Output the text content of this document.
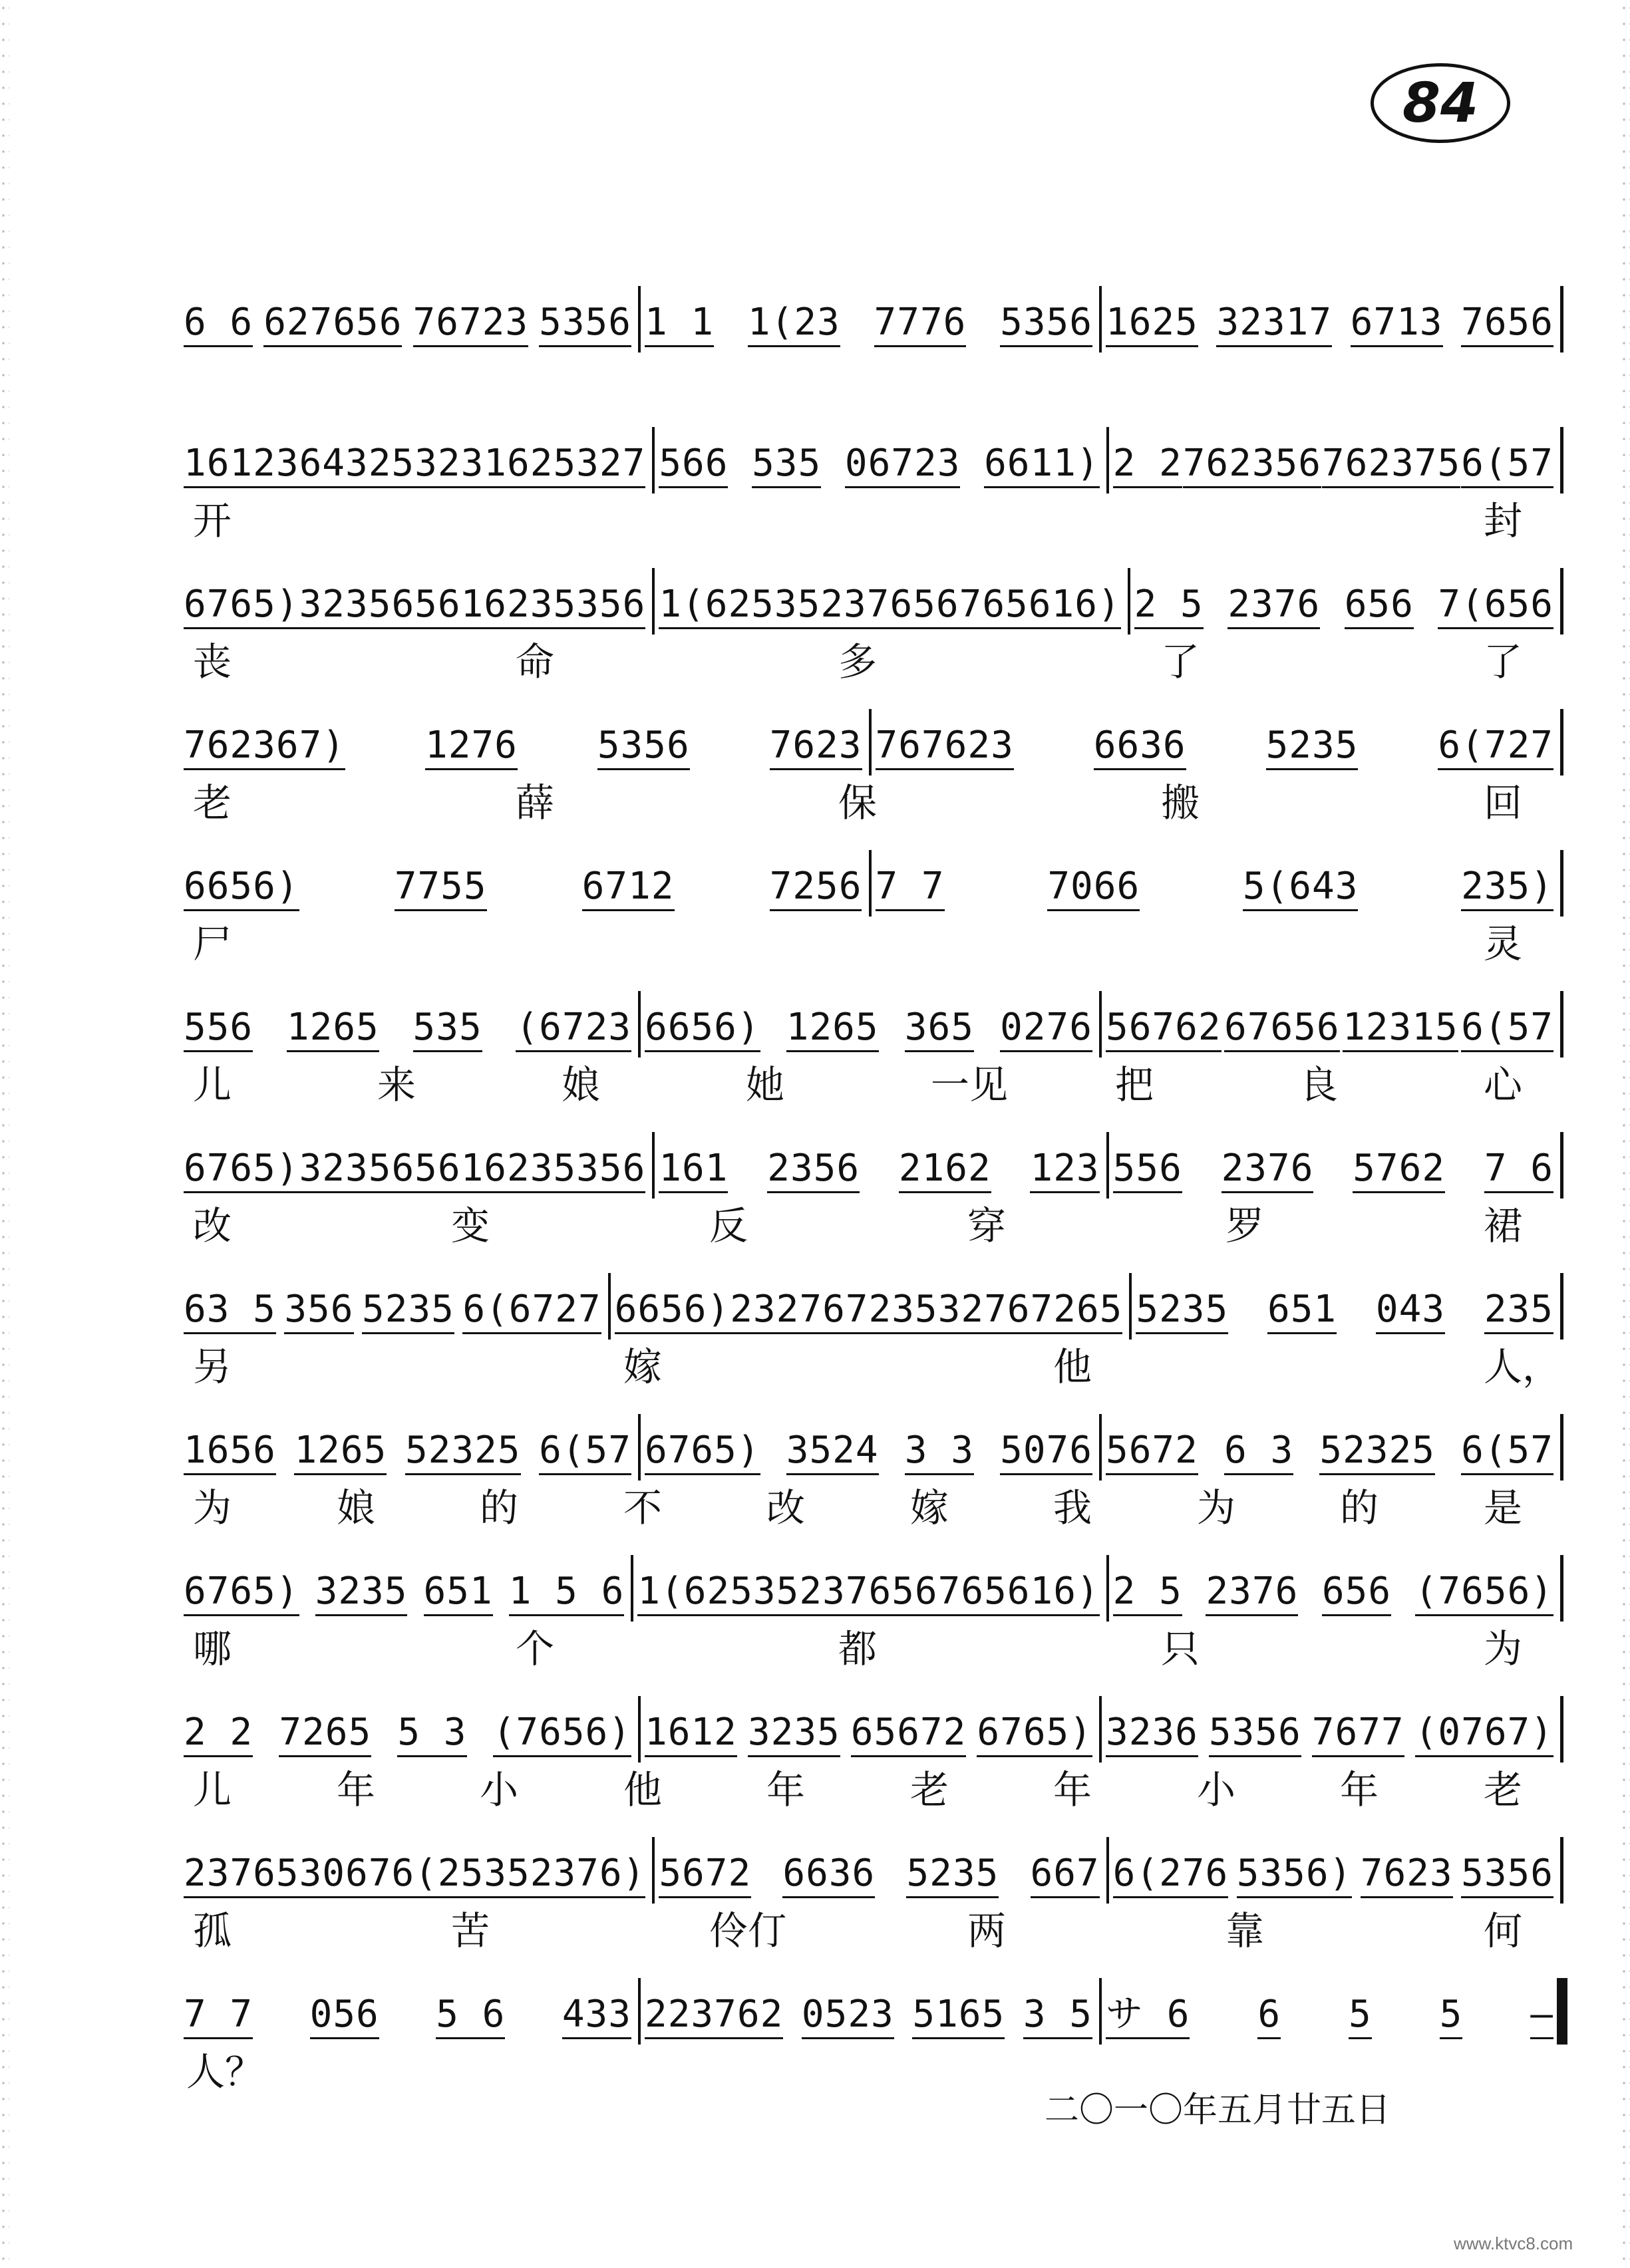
84
6 6 627656 76723 5356 1 1 1(23 7776 5356 1625 32317 6713 7656
1612 3643 25323 1625327 566 535 06723 6611) 2 2 762356 762375 6(57
开	封
6765) 3235 6561623 5356 1(625 352376 5676 5616) 2 5 2376 656 7(656
丧	命	多	了	了
762367) 1276 5356 7623 767623 6636 5235 6(727
老	薛	保	搬	回
6656)	7755	6712	7256 7 7	7066	5(643	235)
尸	灵
556 1265 535 (6723 6656) 1265 365 0276 56762 67656 12315 6(57
儿	来	娘	她	一见	把	良	心
6765) 3235 6561623 5356 161 2356 2162 123 556 2376 5762 7 6
改	变	反	穿	罗	裙
63 5 356 5235 6(6727 6656) 2327672 3532 767265 5235 651 043 235
另	嫁	他	人，
1656 1265 52325 6(57 6765) 3524 3 3 5076 5672 6 3 52325 6(57
为	娘	的	不	改	嫁	我	为	的	是
6765) 3235 651 1 5 6 1(625 352376 5676 5616) 2 5 2376 656 (7656)
哪	个	都	只	为
2 2 7265 5 3 (7656) 1612 3235 65672 6765) 3236 5356 7677 (0767)
儿	年	小	他	年	老	年	小	年	老
2376 5306 76(25 352376) 5672 6636 5235 667 6(276 5356) 7623 5356
孤	苦	伶仃	两	靠	何
7 7 056 5 6 433 223762 0523 5165 3 5 サ 6 6 5 5 —
人？
二〇一〇年五月廿五日
www.ktvc8.com
